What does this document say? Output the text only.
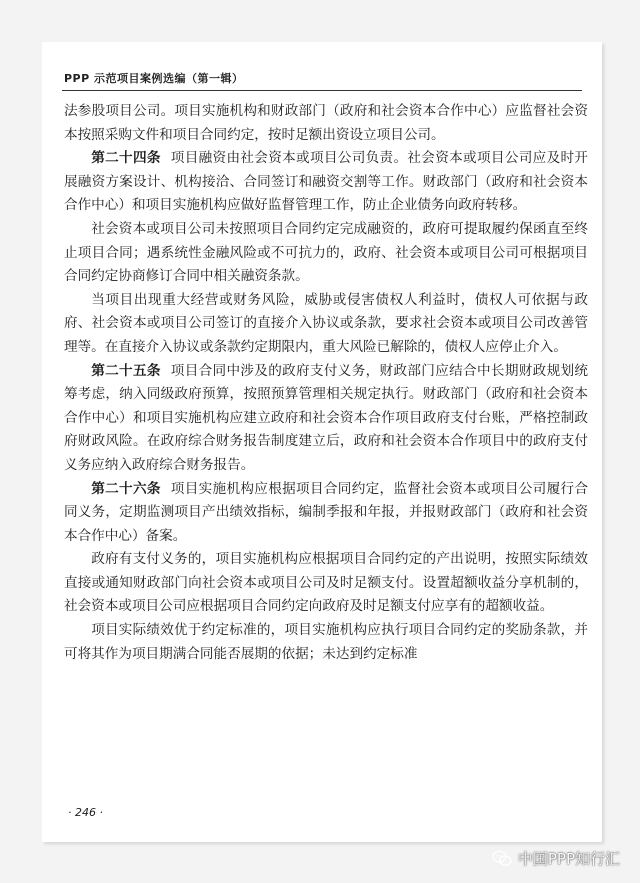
PPP 示范项目案例选编（第一辑）

法参股项目公司。项目实施机构和财政部门（政府和社会资本合作中心）应监督社会资本按照采购文件和项目合同约定，按时足额出资设立项目公司。

第二十四条 项目融资由社会资本或项目公司负责。社会资本或项目公司应及时开展融资方案设计、机构接洽、合同签订和融资交割等工作。财政部门（政府和社会资本合作中心）和项目实施机构应做好监督管理工作，防止企业债务向政府转移。

社会资本或项目公司未按照项目合同约定完成融资的，政府可提取履约保函直至终止项目合同；遇系统性金融风险或不可抗力的，政府、社会资本或项目公司可根据项目合同约定协商修订合同中相关融资条款。

当项目出现重大经营或财务风险，威胁或侵害债权人利益时，债权人可依据与政府、社会资本或项目公司签订的直接介入协议或条款，要求社会资本或项目公司改善管理等。在直接介入协议或条款约定期限内，重大风险已解除的，债权人应停止介入。

第二十五条 项目合同中涉及的政府支付义务，财政部门应结合中长期财政规划统筹考虑，纳入同级政府预算，按照预算管理相关规定执行。财政部门（政府和社会资本合作中心）和项目实施机构应建立政府和社会资本合作项目政府支付台账，严格控制政府财政风险。在政府综合财务报告制度建立后，政府和社会资本合作项目中的政府支付义务应纳入政府综合财务报告。

第二十六条 项目实施机构应根据项目合同约定，监督社会资本或项目公司履行合同义务，定期监测项目产出绩效指标，编制季报和年报，并报财政部门（政府和社会资本合作中心）备案。

政府有支付义务的，项目实施机构应根据项目合同约定的产出说明，按照实际绩效直接或通知财政部门向社会资本或项目公司及时足额支付。设置超额收益分享机制的，社会资本或项目公司应根据项目合同约定向政府及时足额支付应享有的超额收益。

项目实际绩效优于约定标准的，项目实施机构应执行项目合同约定的奖励条款，并可将其作为项目期满合同能否展期的依据；未达到约定标准

· 246 ·
中国PPP知行汇
